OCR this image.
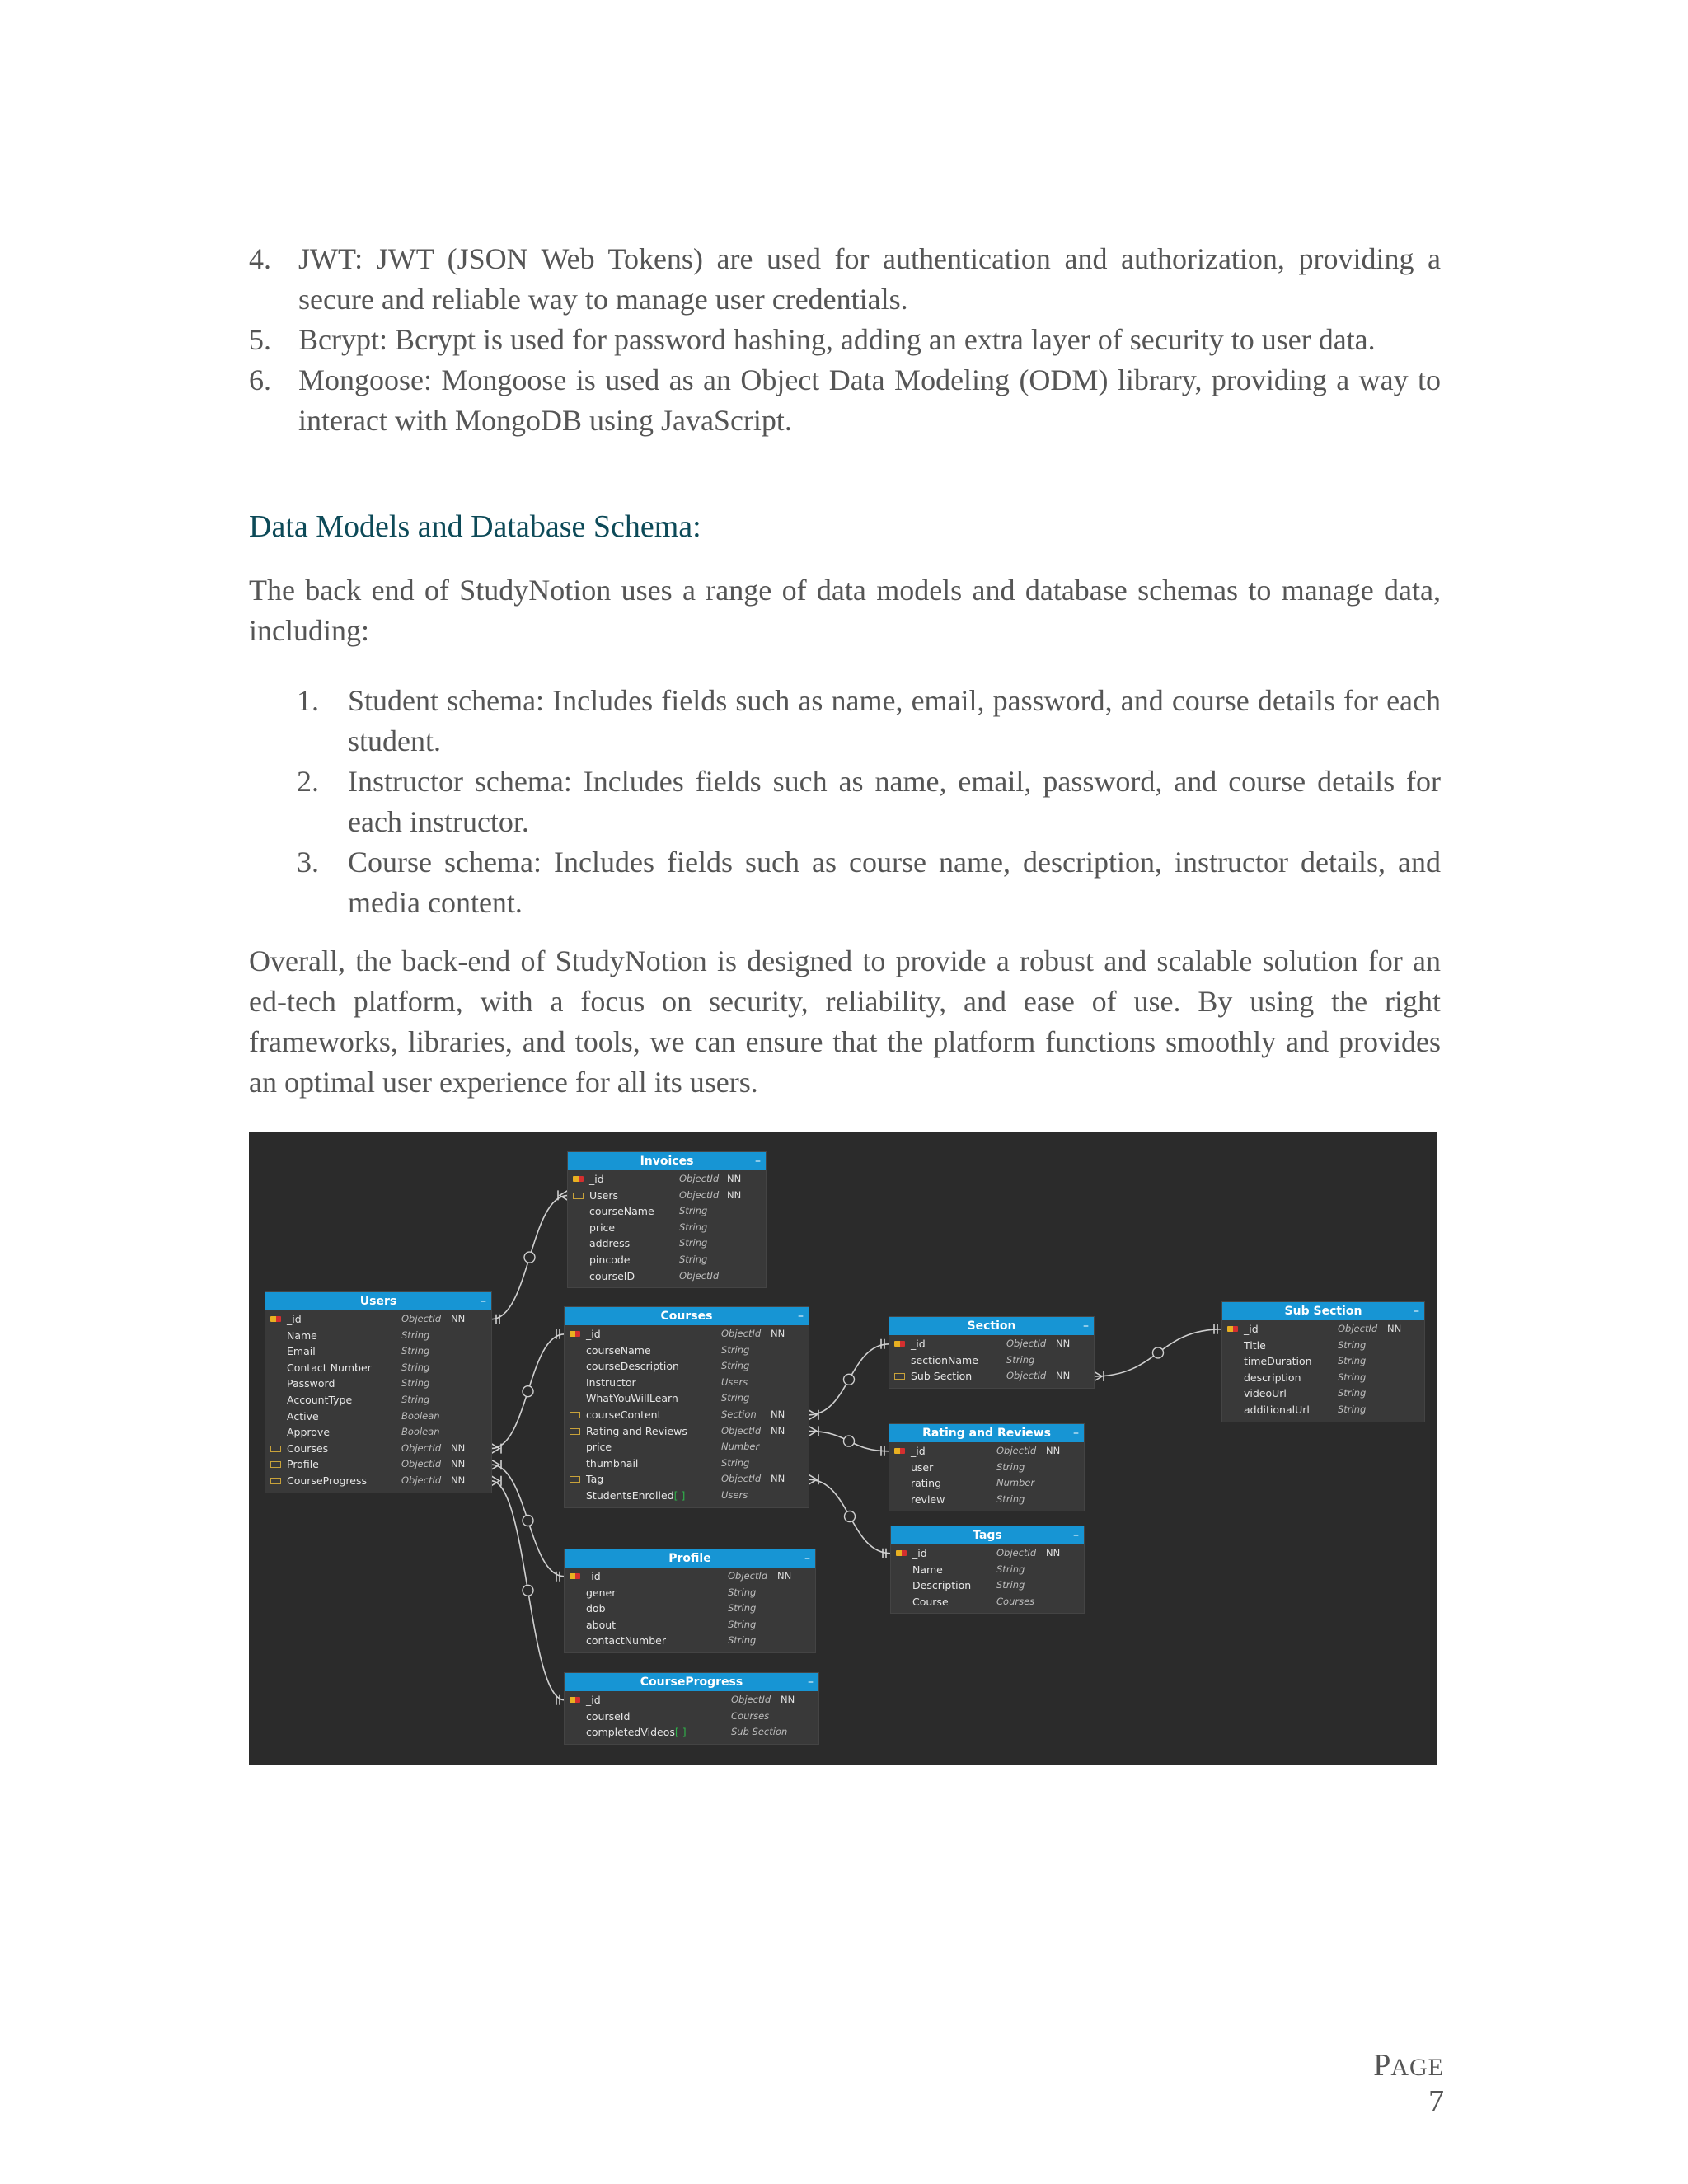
4. JWT: JWT (JSON Web Tokens) are used for authentication and authorization, providing a secure and reliable way to manage user credentials.
5. Bcrypt: Bcrypt is used for password hashing, adding an extra layer of security to user data.
6. Mongoose: Mongoose is used as an Object Data Modeling (ODM) library, providing a way to interact with MongoDB using JavaScript.
Data Models and Database Schema:

The back end of StudyNotion uses a range of data models and database schemas to manage data, including:

1. Student schema: Includes fields such as name, email, password, and course details for each student.
2. Instructor schema: Includes fields such as name, email, password, and course details for each instructor.
3. Course schema: Includes fields such as course name, description, instructor details, and media content.

Overall, the back-end of StudyNotion is designed to provide a robust and scalable solution for an ed-tech platform, with a focus on security, reliability, and ease of use. By using the right frameworks, libraries, and tools, we can ensure that the platform functions smoothly and provides an optimal user experience for all its users.

Invoices	–
_id	ObjectId NN
Users	ObjectId NN
courseName	String
price	String
address	String
pincode	String
courseID	ObjectId
Users	–
_id	ObjectId NN
Name	String
Email	String
Contact Number	String
Password	String
AccountType	String
Active	Boolean
Approve	Boolean
Courses	ObjectId NN
Profile	ObjectId NN
CourseProgress	ObjectId NN
Courses	–
_id	ObjectId NN
courseName	String
courseDescription	String
Instructor	Users
WhatYouWillLearn	String
courseContent	Section NN
Rating and Reviews	ObjectId NN
price	Number
thumbnail	String
Tag	ObjectId NN
StudentsEnrolled[ ]	Users
Section	–
_id	ObjectId NN
sectionName	String
Sub Section	ObjectId NN
Sub Section	–
_id	ObjectId NN
Title	String
timeDuration	String
description	String
videoUrl	String
additionalUrl	String
Rating and Reviews –
_id	ObjectId NN
user	String
rating	Number
review	String
Tags	–
_id	ObjectId NN
Name	String
Description	String
Course	Courses
Profile	–
_id	ObjectId NN
gener	String
dob	String
about	String
contactNumber	String
CourseProgress	–
_id	ObjectId NN
courseId	Courses
completedVideos[ ]	Sub Section
PAGE 7
